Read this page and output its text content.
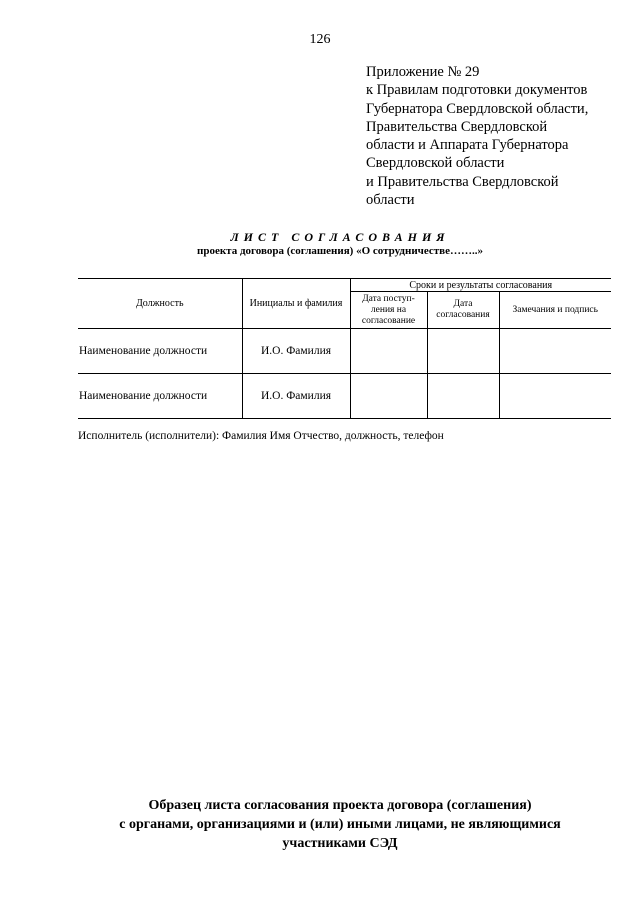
126
Приложение № 29
к Правилам подготовки документов
Губернатора Свердловской области,
Правительства Свердловской
области и Аппарата Губернатора
Свердловской области
и Правительства Свердловской
области
ЛИСТ СОГЛАСОВАНИЯ
проекта договора (соглашения) «О сотрудничестве……..»
Должность	Инициалы и фамилия	Сроки и результаты согласования		
		Дата поступ-ления на согласование	Дата согласования	Замечания и подпись
Наименование должности	И.О. Фамилия			
Наименование должности	И.О. Фамилия			
Исполнитель (исполнители): Фамилия Имя Отчество, должность, телефон
Образец листа согласования проекта договора (соглашения)
с органами, организациями и (или) иными лицами, не являющимися
участниками СЭД
